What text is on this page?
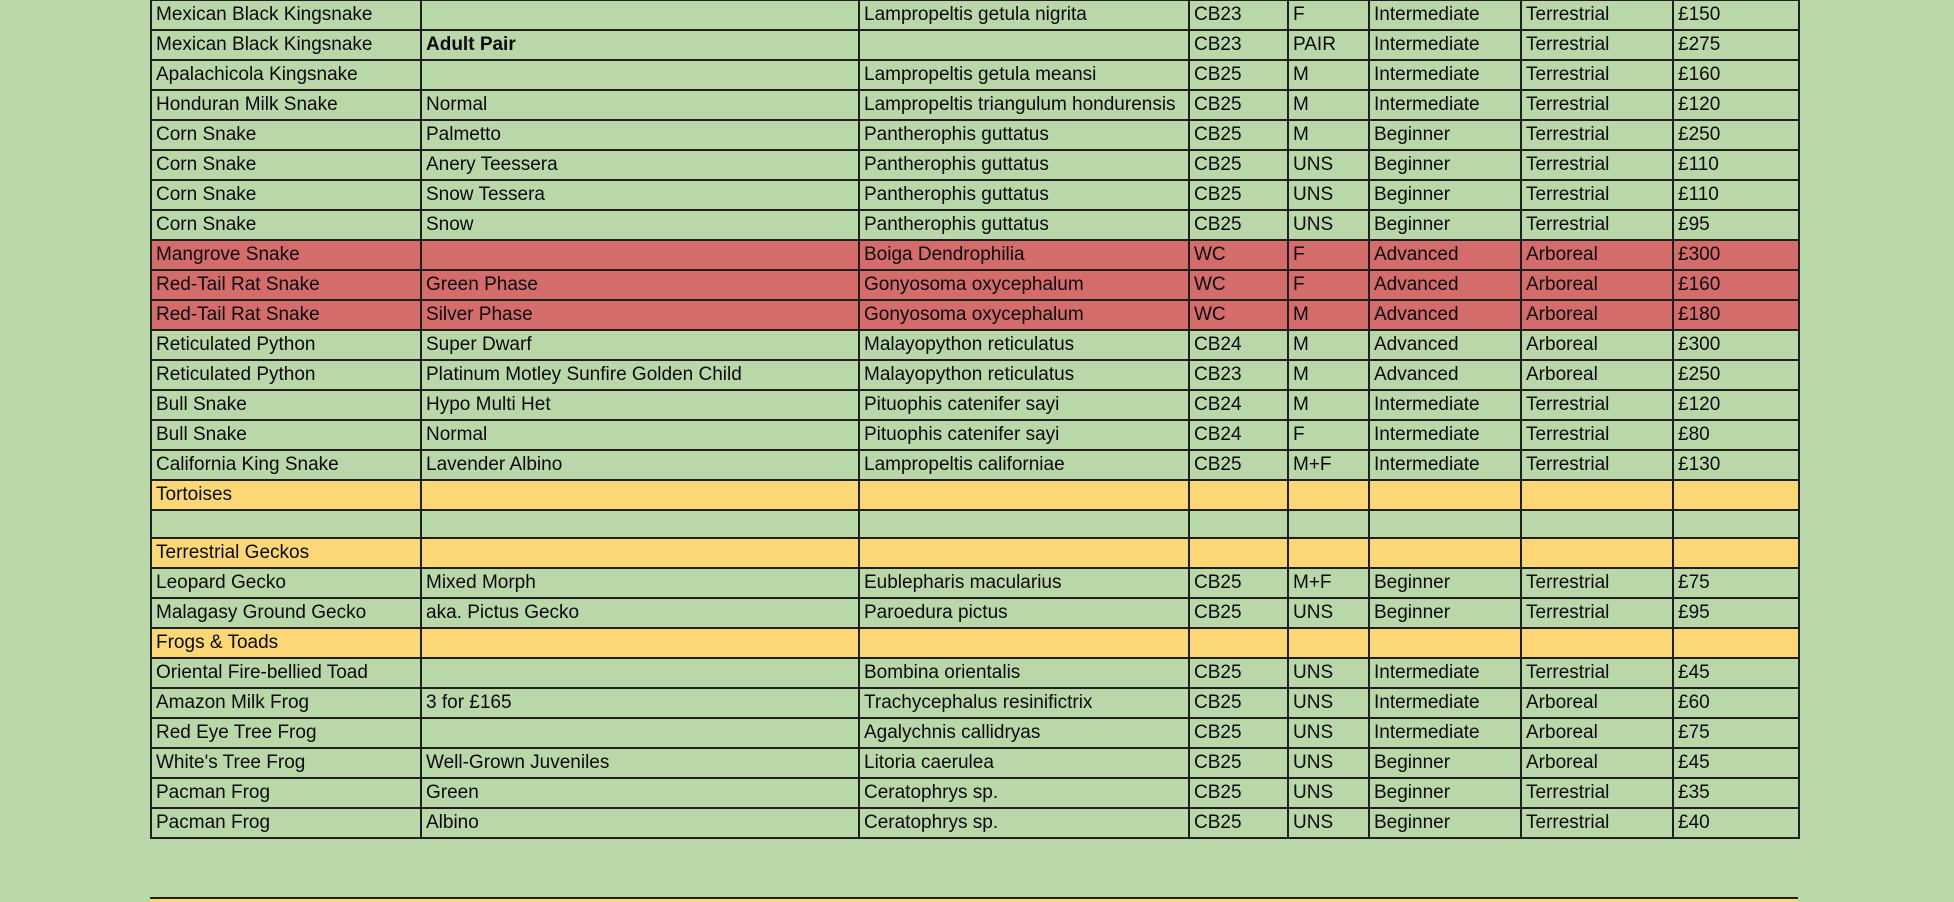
Mexican Black Kingsnake		Lampropeltis getula nigrita	CB23	F	Intermediate	Terrestrial	£150
Mexican Black Kingsnake	Adult Pair		CB23	PAIR	Intermediate	Terrestrial	£275
Apalachicola Kingsnake		Lampropeltis getula meansi	CB25	M	Intermediate	Terrestrial	£160
Honduran Milk Snake	Normal	Lampropeltis triangulum hondurensis	CB25	M	Intermediate	Terrestrial	£120
Corn Snake	Palmetto	Pantherophis guttatus	CB25	M	Beginner	Terrestrial	£250
Corn Snake	Anery Teessera	Pantherophis guttatus	CB25	UNS	Beginner	Terrestrial	£110
Corn Snake	Snow Tessera	Pantherophis guttatus	CB25	UNS	Beginner	Terrestrial	£110
Corn Snake	Snow	Pantherophis guttatus	CB25	UNS	Beginner	Terrestrial	£95
Mangrove Snake		Boiga Dendrophilia	WC	F	Advanced	Arboreal	£300
Red-Tail Rat Snake	Green Phase	Gonyosoma oxycephalum	WC	F	Advanced	Arboreal	£160
Red-Tail Rat Snake	Silver Phase	Gonyosoma oxycephalum	WC	M	Advanced	Arboreal	£180
Reticulated Python	Super Dwarf	Malayopython reticulatus	CB24	M	Advanced	Arboreal	£300
Reticulated Python	Platinum Motley Sunfire Golden Child	Malayopython reticulatus	CB23	M	Advanced	Arboreal	£250
Bull Snake	Hypo Multi Het	Pituophis catenifer sayi	CB24	M	Intermediate	Terrestrial	£120
Bull Snake	Normal	Pituophis catenifer sayi	CB24	F	Intermediate	Terrestrial	£80
California King Snake	Lavender Albino	Lampropeltis californiae	CB25	M+F	Intermediate	Terrestrial	£130
Tortoises							

Terrestrial Geckos							
Leopard Gecko	Mixed Morph	Eublepharis macularius	CB25	M+F	Beginner	Terrestrial	£75
Malagasy Ground Gecko	aka. Pictus Gecko	Paroedura pictus	CB25	UNS	Beginner	Terrestrial	£95
Frogs & Toads							
Oriental Fire-bellied Toad		Bombina orientalis	CB25	UNS	Intermediate	Terrestrial	£45
Amazon Milk Frog	3 for £165	Trachycephalus resinifictrix	CB25	UNS	Intermediate	Arboreal	£60
Red Eye Tree Frog		Agalychnis callidryas	CB25	UNS	Intermediate	Arboreal	£75
White's Tree Frog	Well-Grown Juveniles	Litoria caerulea	CB25	UNS	Beginner	Arboreal	£45
Pacman Frog	Green	Ceratophrys sp.	CB25	UNS	Beginner	Terrestrial	£35
Pacman Frog	Albino	Ceratophrys sp.	CB25	UNS	Beginner	Terrestrial	£40
